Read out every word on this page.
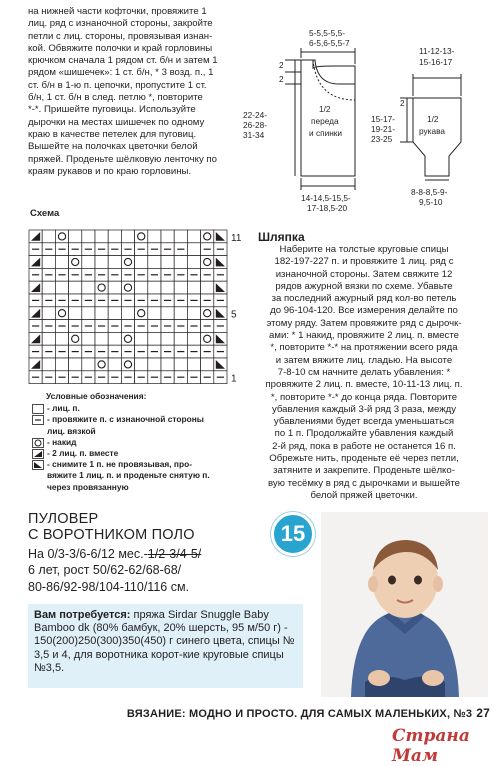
на нижней части кофточки, провяжите 1

лиц. ряд с изнаночной стороны, закройте

петли с лиц. стороны, провязывая изнан-

кой. Обвяжите полочки и край горловины

крючком сначала 1 рядом ст. б/н и затем 1

рядом «шишечек»: 1 ст. б/н, * 3 возд. п., 1

ст. б/н в 1-ю п. цепочки, пропустите 1 ст.

б/н, 1 ст. б/н в след. петлю *, повторите

*-*. Пришейте пуговицы. Используйте

дырочки на местах шишечек по одному

краю в качестве петелек для пуговиц.

Вышейте на полочках цветочки белой

пряжей. Проденьте шёлковую ленточку по

краям рукавов и по краю горловины.

Схема
11
5
1
Условные обозначения:
- лиц. п.
- провяжите п. с изнаночной стороны
лиц. вязкой
- накид
- 2 лиц. п. вместе
- снимите 1 п. не провязывая, про-
вяжите 1 лиц. п. и проденьте снятую п.
через провязанную
5-5,5-5,5-
6-5,6-5,5-7
2
2
22-24-
26-28-
31-34
1/2
переда
и спинки
14-14,5-15,5-
17-18,5-20
11-12-13-
15-16-17
15-17-
19-21-
23-25
2
1/2
рукава
8-8-8,5-9-
9,5-10
Шляпка

Наберите на толстые круговые спицы

182-197-227 п. и провяжите 1 лиц. ряд с

изнаночной стороны. Затем свяжите 12

рядов ажурной вязки по схеме. Убавьте

за последний ажурный ряд кол-во петель

до 96-104-120. Все измерения делайте по

этому ряду. Затем провяжите ряд с дырочк-

ами: * 1 накид, провяжите 2 лиц. п. вместе

*, повторите *-* на протяжении всего ряда

и затем вяжите лиц. гладью. На высоте

7-8-10 см начните делать убавления: *

провяжите 2 лиц. п. вместе, 10-11-13 лиц. п.

*, повторите *-* до конца ряда. Повторите

убавления каждый 3-й ряд 3 раза, между

убавлениями будет всегда уменьшаться

по 1 п. Продолжайте убавления каждый

2-й ряд, пока в работе не останется 16 п.

Обрежьте нить, проденьте её через петли,

затяните и закрепите. Проденьте шёлко-

вую тесёмку в ряд с дырочками и вышейте

белой пряжей цветочки.

ПУЛОВЕР
С ВОРОТНИКОМ ПОЛО	15
На 0/3-3/6-6/12 мес.-1/2-3/4-5/
6 лет, рост 50/62-62/68-68/
80-86/92-98/104-110/116 см.
Вам потребуется: пряжа Sirdar Snuggle Baby Bamboo dk (80% бамбук, 20% шерсть, 95 м/50 г) - 150(200)250(300)350(450) г синего цвета, спицы № 3,5 и 4, для воротника корот-кие круговые спицы №3,5.
ВЯЗАНИЕ: МОДНО И ПРОСТО. ДЛЯ САМЫХ МАЛЕНЬКИХ, №3 27
Страна Мам
